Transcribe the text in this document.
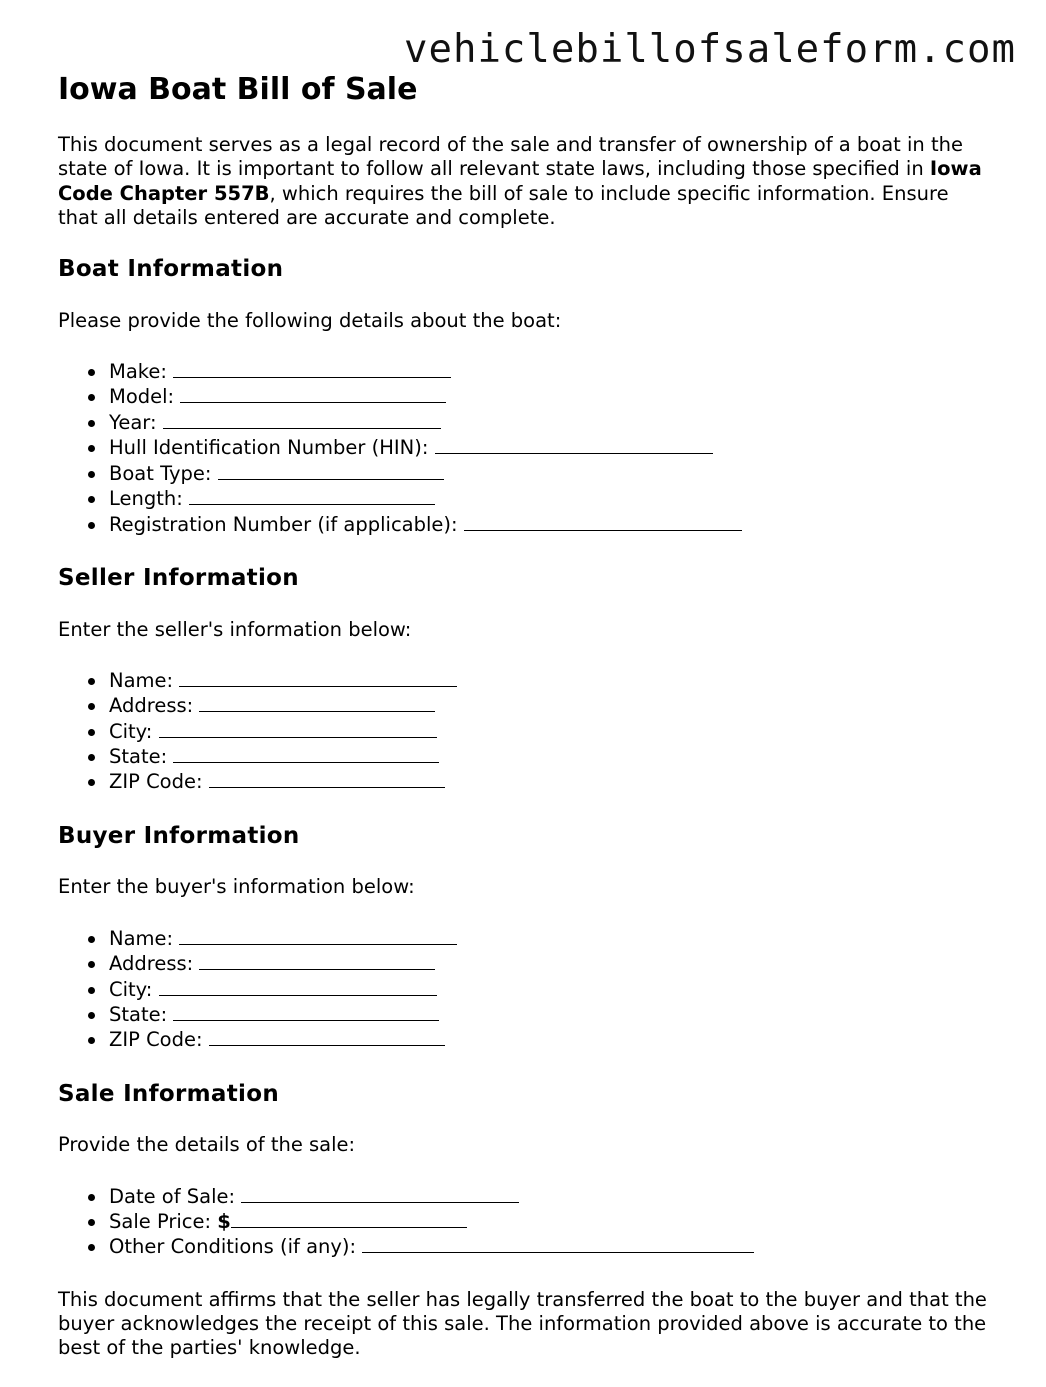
vehiclebillofsaleform.com
Iowa Boat Bill of Sale

This document serves as a legal record of the sale and transfer of ownership of a boat in the state of Iowa. It is important to follow all relevant state laws, including those specified in Iowa Code Chapter 557B, which requires the bill of sale to include specific information. Ensure that all details entered are accurate and complete.

Boat Information

Please provide the following details about the boat:

Make:
Model:
Year:
Hull Identification Number (HIN):
Boat Type:
Length:
Registration Number (if applicable):
Seller Information

Enter the seller's information below:

Name:
Address:
City:
State:
ZIP Code:
Buyer Information

Enter the buyer's information below:

Name:
Address:
City:
State:
ZIP Code:
Sale Information

Provide the details of the sale:

Date of Sale:
Sale Price: $
Other Conditions (if any):

This document affirms that the seller has legally transferred the boat to the buyer and that the buyer acknowledges the receipt of this sale. The information provided above is accurate to the best of the parties' knowledge.
